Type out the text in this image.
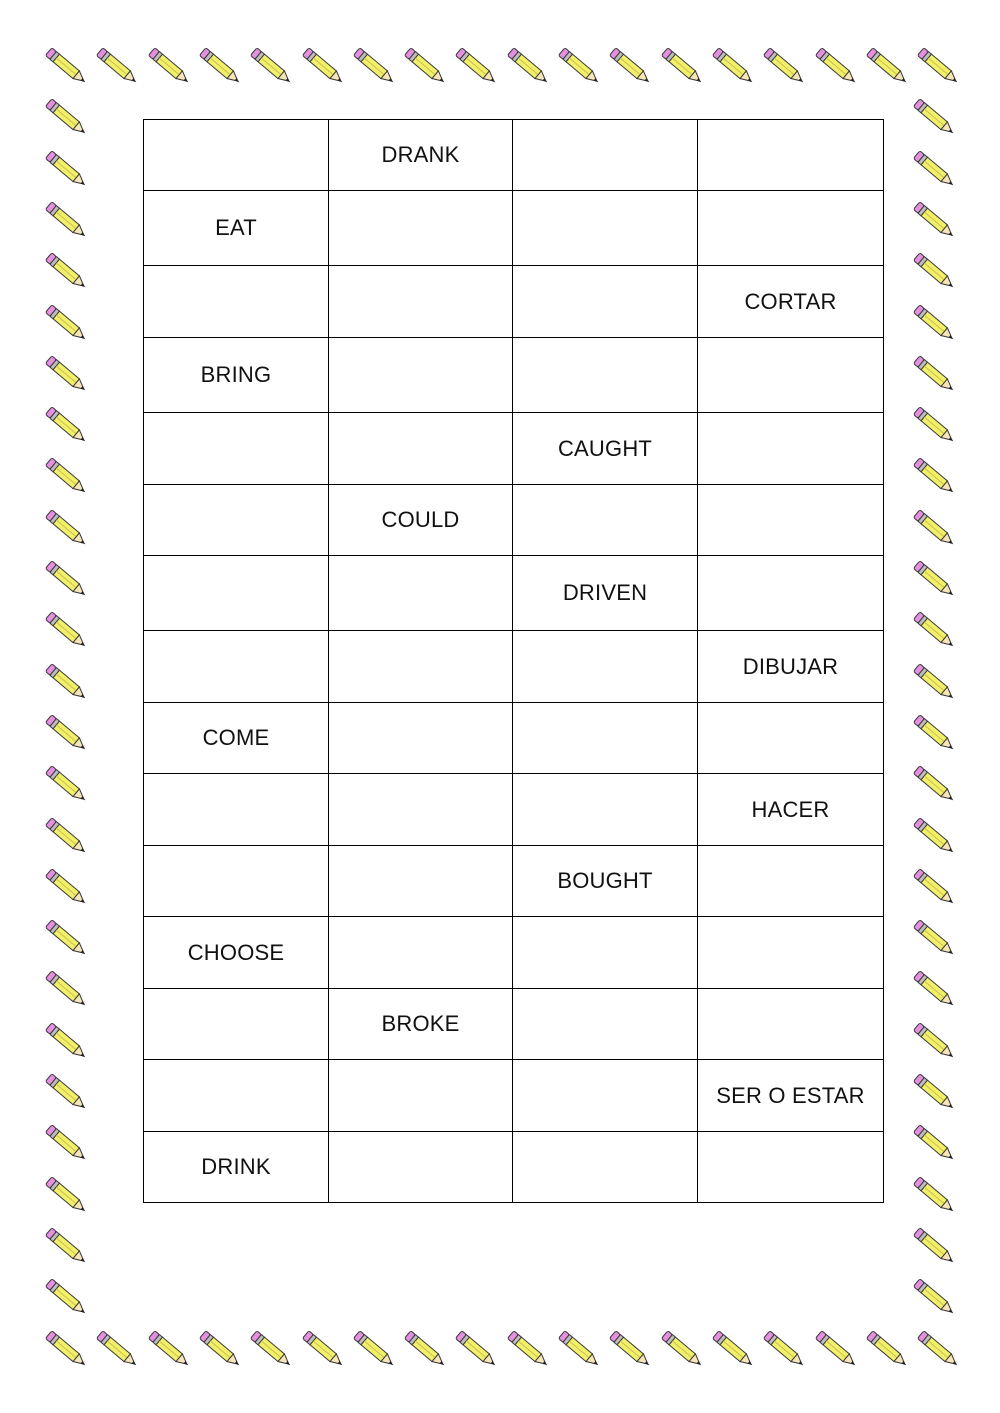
	DRANK		
EAT			
			CORTAR
BRING			
		CAUGHT	
	COULD		
		DRIVEN	
			DIBUJAR
COME			
			HACER
		BOUGHT	
CHOOSE			
	BROKE		
			SER O ESTAR
DRINK			
